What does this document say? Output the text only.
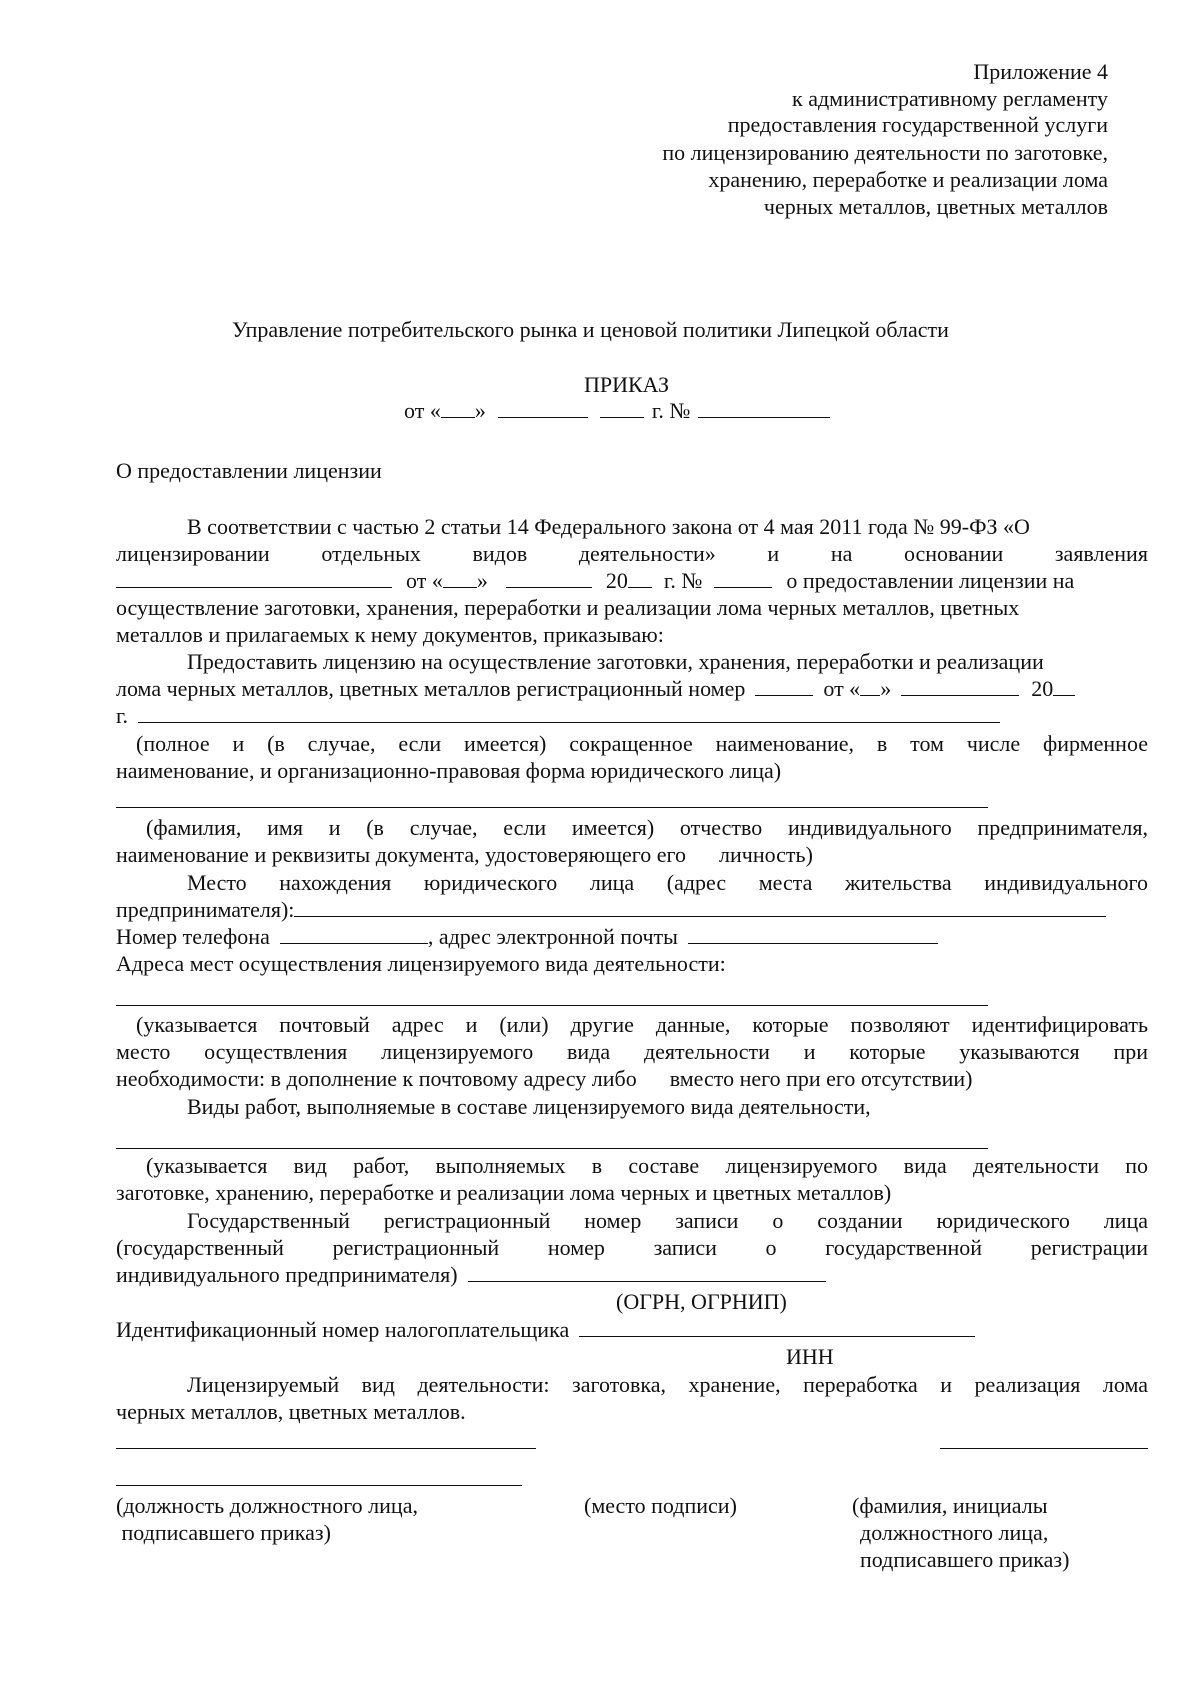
Приложение 4
к административному регламенту
предоставления государственной услуги
по лицензированию деятельности по заготовке,
хранению, переработке и реализации лома
черных металлов, цветных металлов
Управление потребительского рынка и ценовой политики Липецкой области
ПРИКАЗ
от « »	г. №
О предоставлении лицензии
В соответствии с частью 2 статьи 14 Федерального закона от 4 мая 2011 года № 99-ФЗ «О
лицензировании отдельных видов деятельности» и на основании заявления
от « »	20 г. №	о предоставлении лицензии на
осуществление заготовки, хранения, переработки и реализации лома черных металлов, цветных
металлов и прилагаемых к нему документов, приказываю:
Предоставить лицензию на осуществление заготовки, хранения, переработки и реализации
лома черных металлов, цветных металлов регистрационный номер	от « »	20
г.
(полное и (в случае, если имеется) сокращенное наименование, в том числе фирменное
наименование, и организационно-правовая форма юридического лица)
(фамилия, имя и (в случае, если имеется) отчество индивидуального предпринимателя,
наименование и реквизиты документа, удостоверяющего его      личность)
Место нахождения юридического лица (адрес места жительства индивидуального
предпринимателя):
Номер телефона	, адрес электронной почты
Адреса мест осуществления лицензируемого вида деятельности:
(указывается почтовый адрес и (или) другие данные, которые позволяют идентифицировать
место осуществления лицензируемого вида деятельности и которые указываются при
необходимости: в дополнение к почтовому адресу либо      вместо него при его отсутствии)
Виды работ, выполняемые в составе лицензируемого вида деятельности,
(указывается вид работ, выполняемых в составе лицензируемого вида деятельности по
заготовке, хранению, переработке и реализации лома черных и цветных металлов)
Государственный регистрационный номер записи о создании юридического лица
(государственный регистрационный номер записи о государственной регистрации
индивидуального предпринимателя)
(ОГРН, ОГРНИП)
Идентификационный номер налогоплательщика
ИНН
Лицензируемый вид деятельности: заготовка, хранение, переработка и реализация лома
черных металлов, цветных металлов.
(должность должностного лица,
подписавшего приказ)
(место подписи)	(фамилия, инициалы
должностного лица,
подписавшего приказ)
